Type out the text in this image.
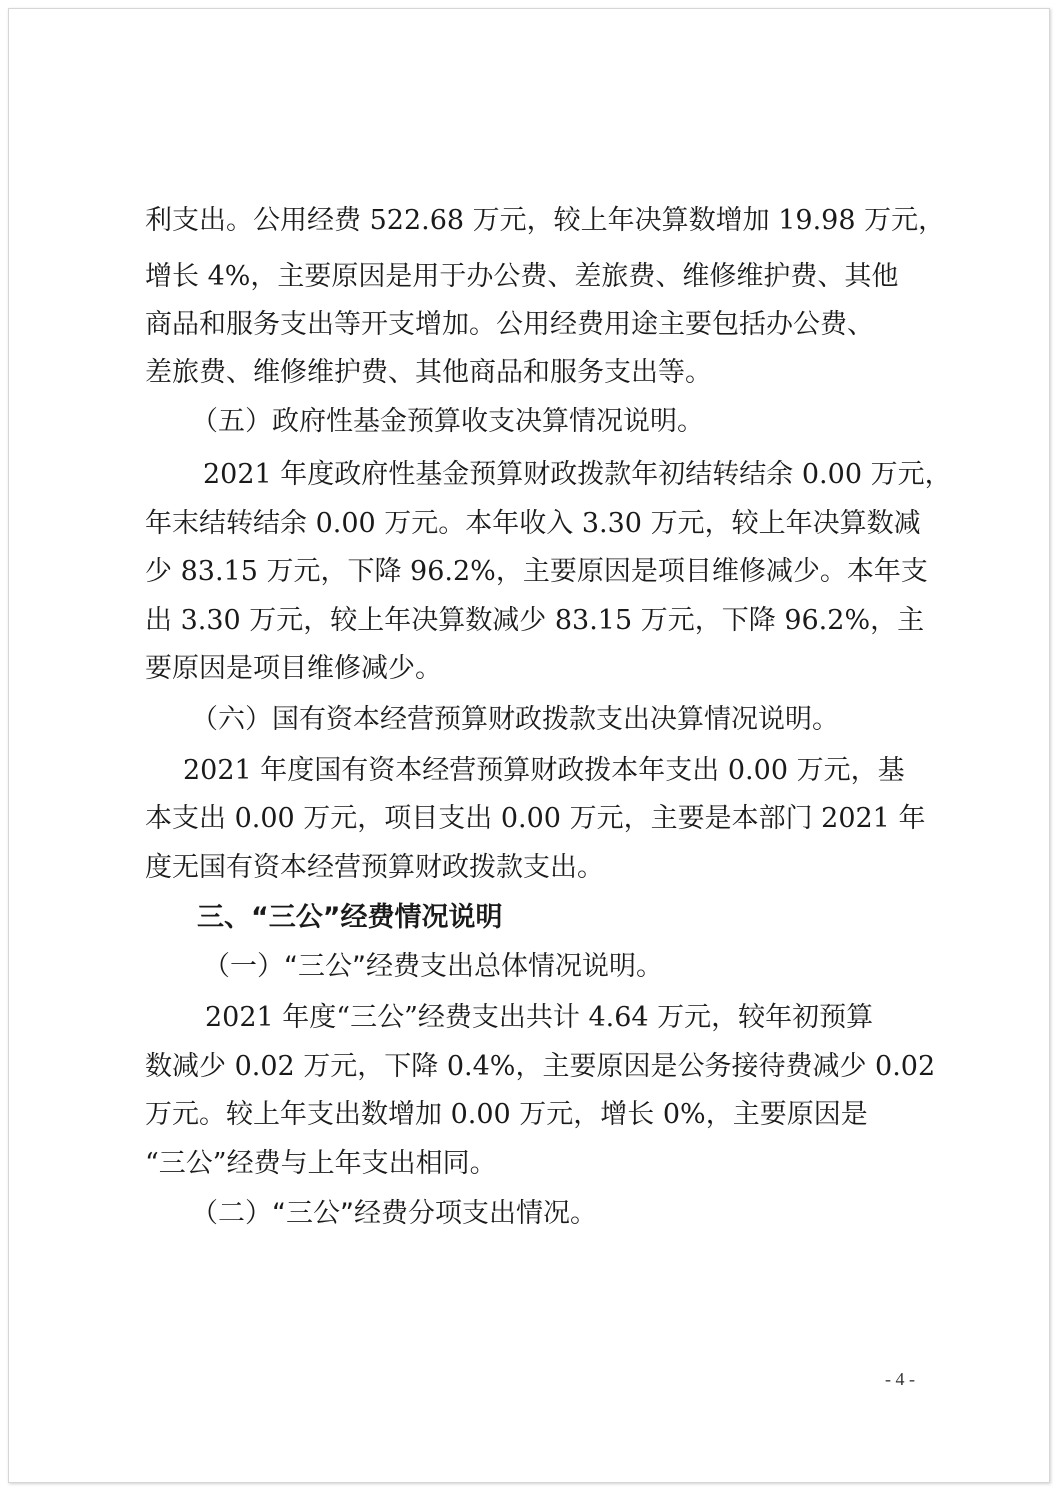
利支出。公用经费 522.68 万元，较上年决算数增加 19.98 万元，
增长 4%，主要原因是用于办公费、差旅费、维修维护费、其他
商品和服务支出等开支增加。公用经费用途主要包括办公费、
差旅费、维修维护费、其他商品和服务支出等。
（五）政府性基金预算收支决算情况说明。
2021 年度政府性基金预算财政拨款年初结转结余 0.00 万元，
年末结转结余 0.00 万元。本年收入 3.30 万元，较上年决算数减
少 83.15 万元，下降 96.2%，主要原因是项目维修减少。本年支
出 3.30 万元，较上年决算数减少 83.15 万元，下降 96.2%，主
要原因是项目维修减少。
（六）国有资本经营预算财政拨款支出决算情况说明。
2021 年度国有资本经营预算财政拨本年支出 0.00 万元，基
本支出 0.00 万元，项目支出 0.00 万元，主要是本部门 2021 年
度无国有资本经营预算财政拨款支出。
三、“三公”经费情况说明
（一）“三公”经费支出总体情况说明。
2021 年度“三公”经费支出共计 4.64 万元，较年初预算
数减少 0.02 万元，下降 0.4%，主要原因是公务接待费减少 0.02
万元。较上年支出数增加 0.00 万元，增长 0%，主要原因是
“三公”经费与上年支出相同。
（二）“三公”经费分项支出情况。
- 4 -
